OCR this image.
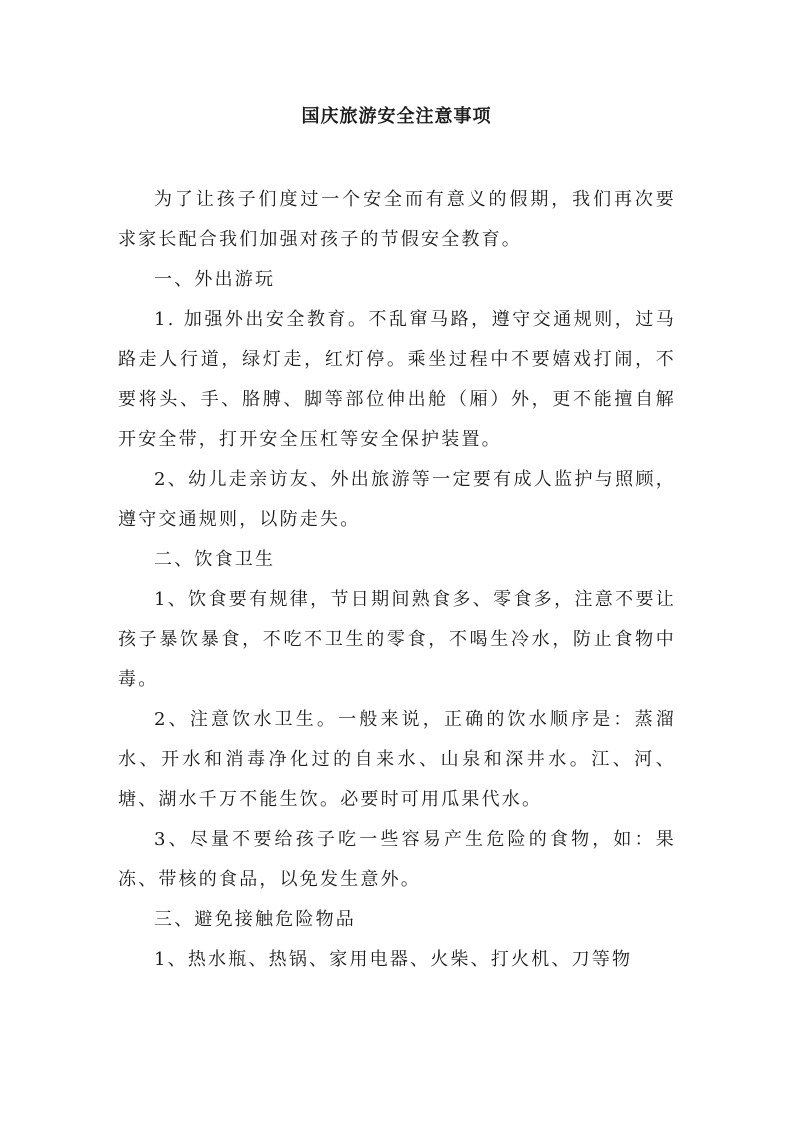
国庆旅游安全注意事项

为了让孩子们度过一个安全而有意义的假期，我们再次要求家长配合我们加强对孩子的节假安全教育。

一、外出游玩

1. 加强外出安全教育。不乱窜马路，遵守交通规则，过马路走人行道，绿灯走，红灯停。乘坐过程中不要嬉戏打闹，不要将头、手、胳膊、脚等部位伸出舱（厢）外，更不能擅自解开安全带，打开安全压杠等安全保护装置。

2、幼儿走亲访友、外出旅游等一定要有成人监护与照顾，遵守交通规则，以防走失。

二、饮食卫生

1、饮食要有规律，节日期间熟食多、零食多，注意不要让孩子暴饮暴食，不吃不卫生的零食，不喝生冷水，防止食物中毒。

2、注意饮水卫生。一般来说，正确的饮水顺序是：蒸溜水、开水和消毒净化过的自来水、山泉和深井水。江、河、塘、湖水千万不能生饮。必要时可用瓜果代水。

3、尽量不要给孩子吃一些容易产生危险的食物，如：果冻、带核的食品，以免发生意外。

三、避免接触危险物品

1、热水瓶、热锅、家用电器、火柴、打火机、刀等物
